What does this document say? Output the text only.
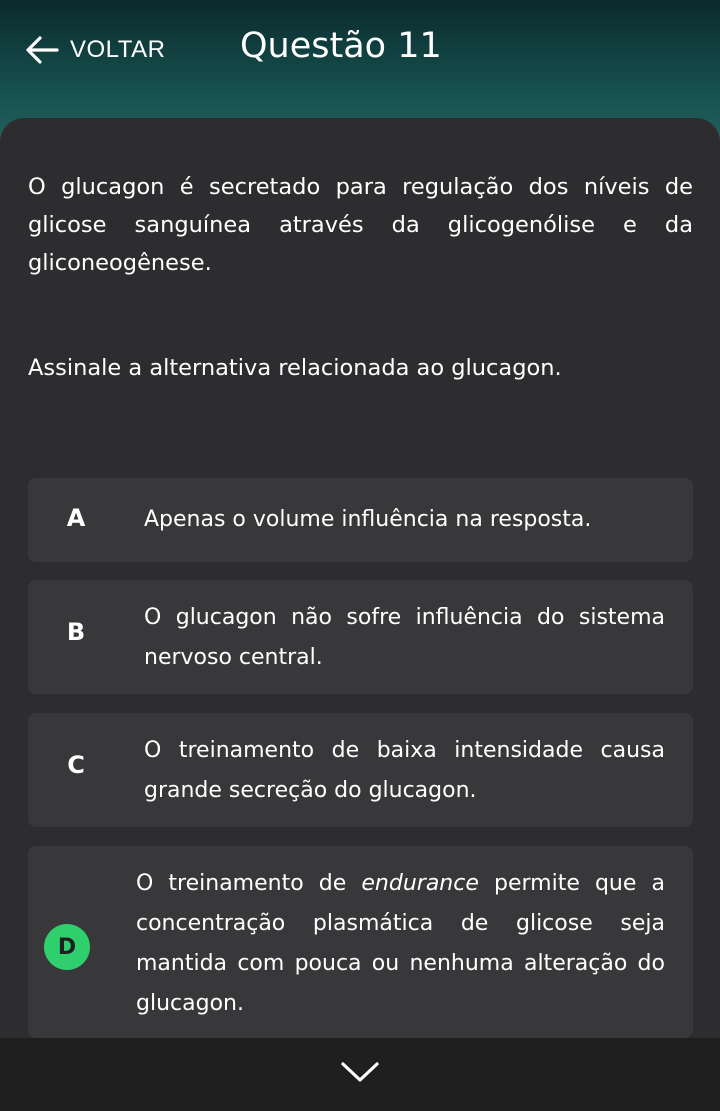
VOLTAR Questão 11

O glucagon é secretado para regulação dos níveis de glicose sanguínea através da glicogenólise e da gliconeogênese.

Assinale a alternativa relacionada ao glucagon.

A	Apenas o volume influência na resposta.
B
O glucagon não sofre influência do sistema nervoso central.
C
O treinamento de baixa intensidade causa grande secreção do glucagon.
D
O treinamento de endurance permite que a concentração plasmática de glicose seja mantida com pouca ou nenhuma alteração do glucagon.
